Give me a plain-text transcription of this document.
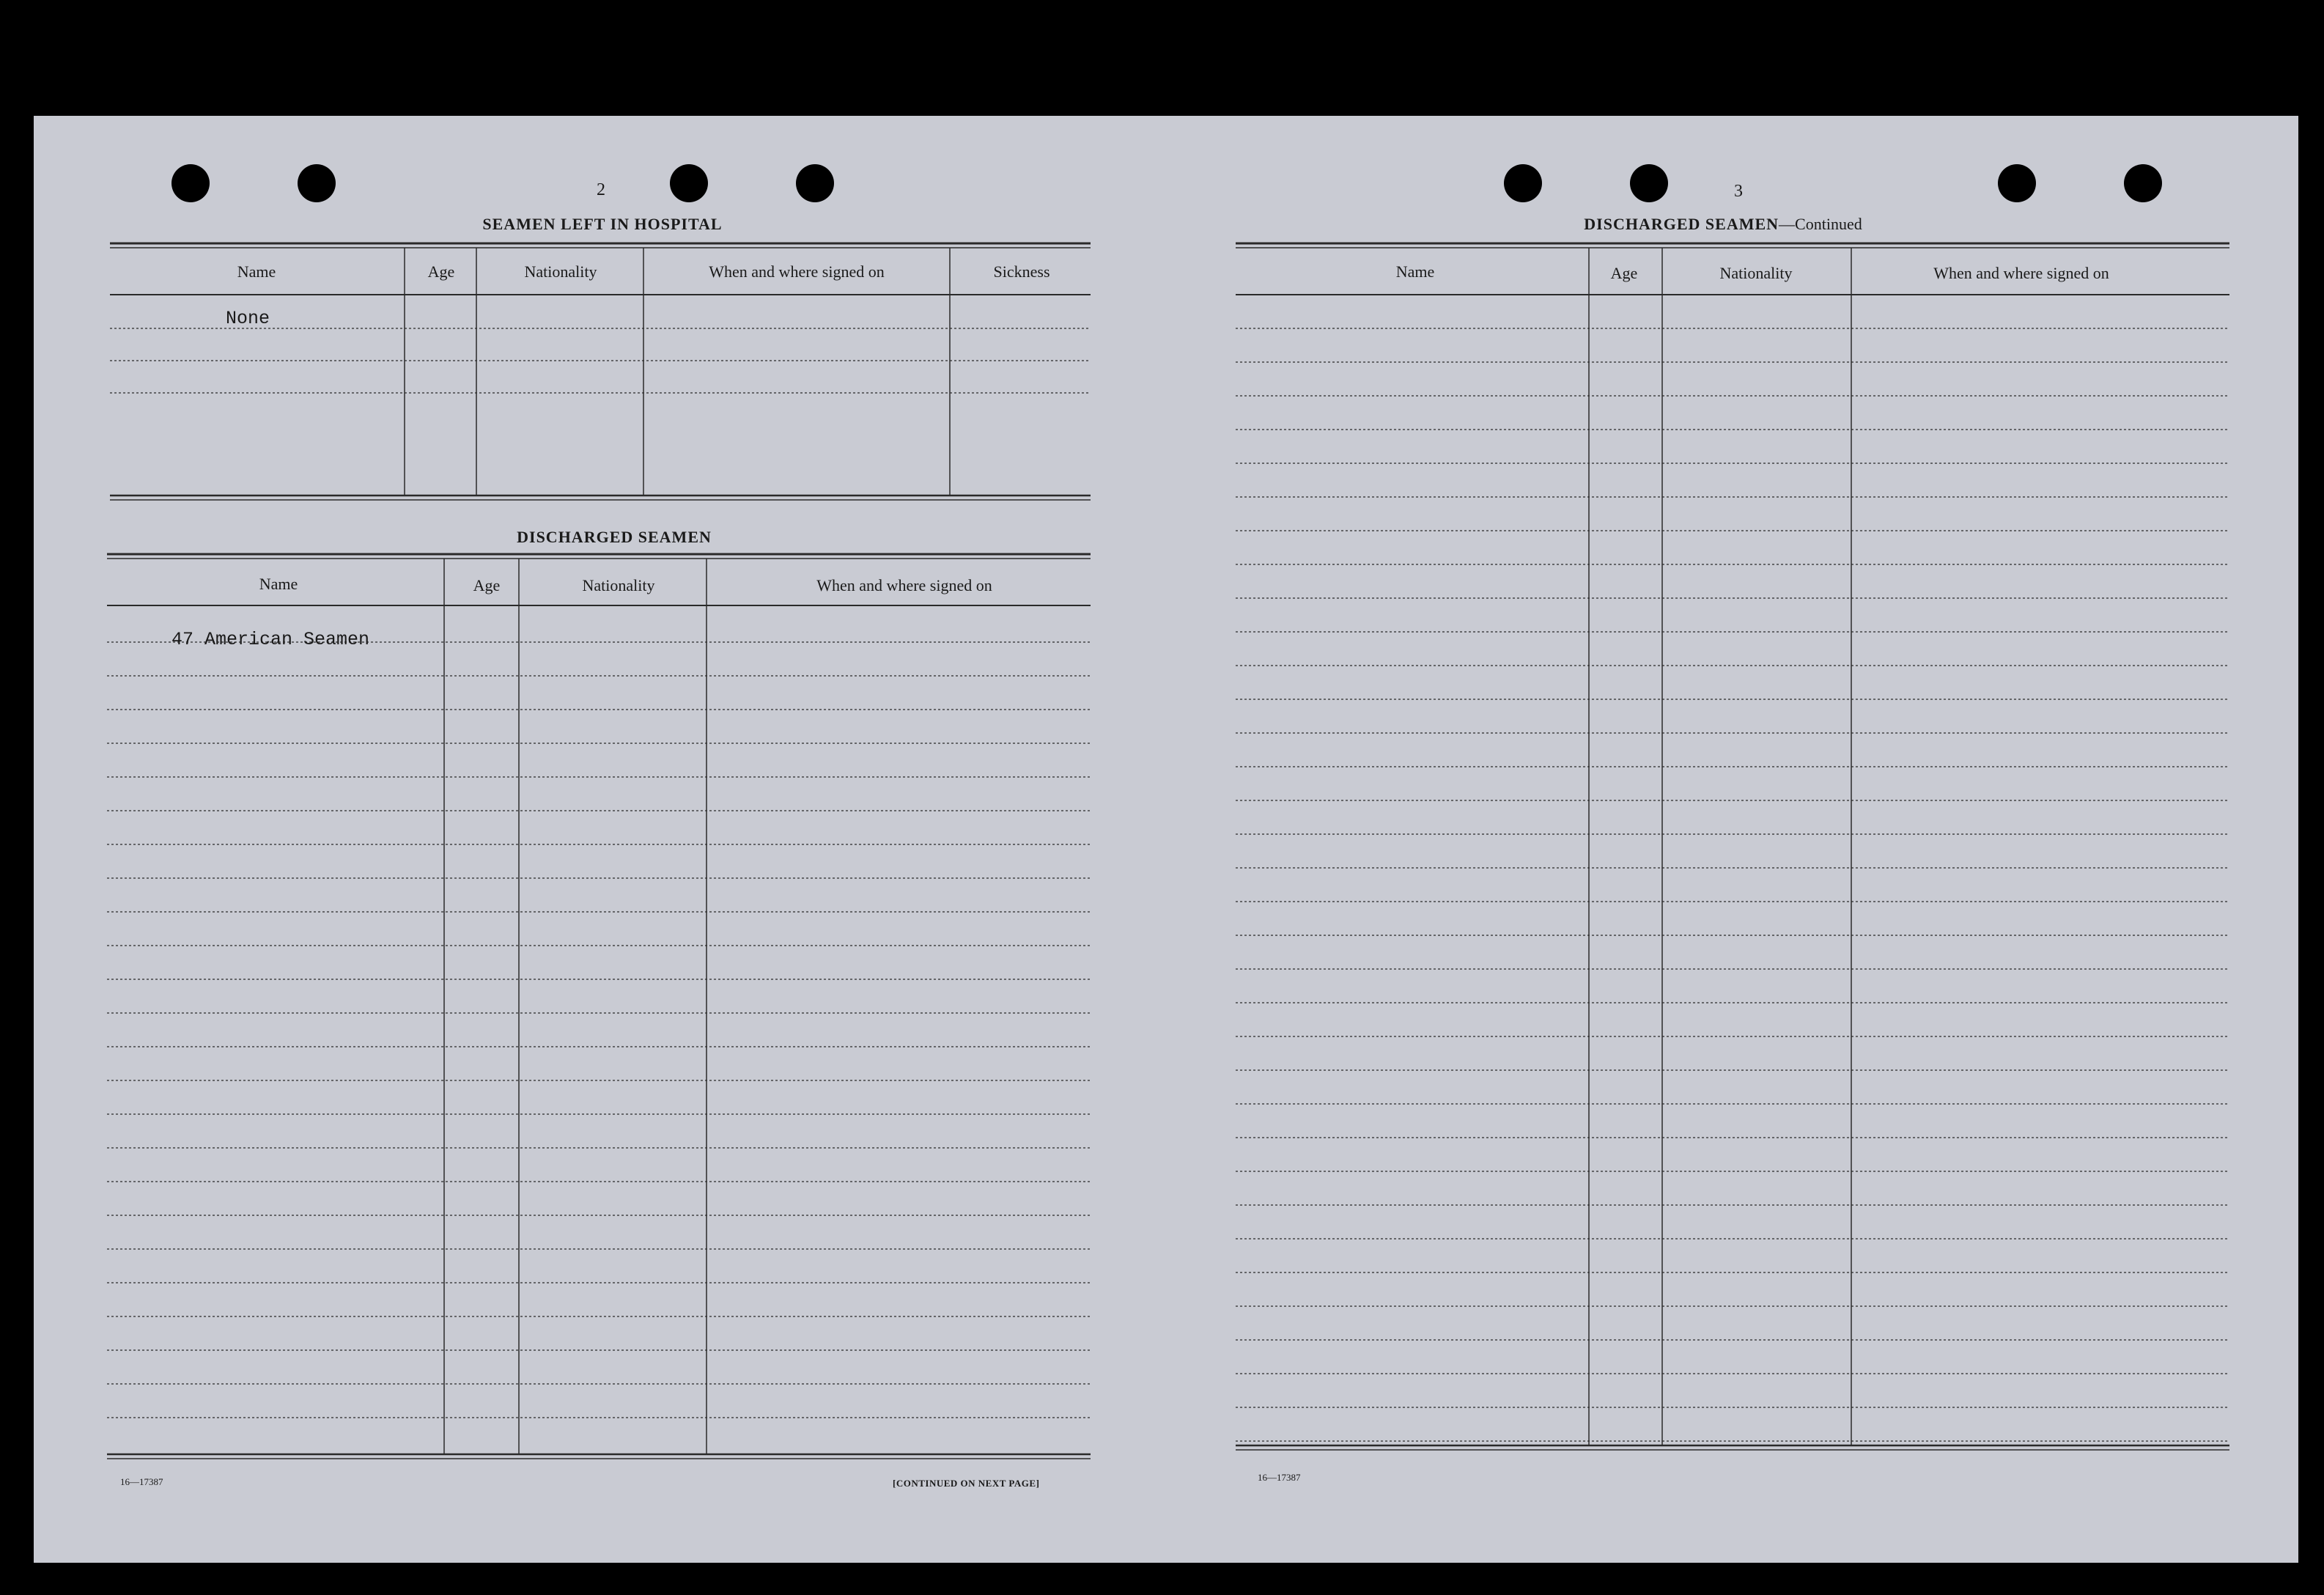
2
SEAMEN LEFT IN HOSPITAL
Name	Age	Nationality	When and where signed on	Sickness
None
DISCHARGED SEAMEN
Name	Age	Nationality	When and where signed on
47 American Seamen
16—17387	[CONTINUED ON NEXT PAGE]
3
DISCHARGED SEAMEN—Continued
Name	Age	Nationality	When and where signed on
16—17387
